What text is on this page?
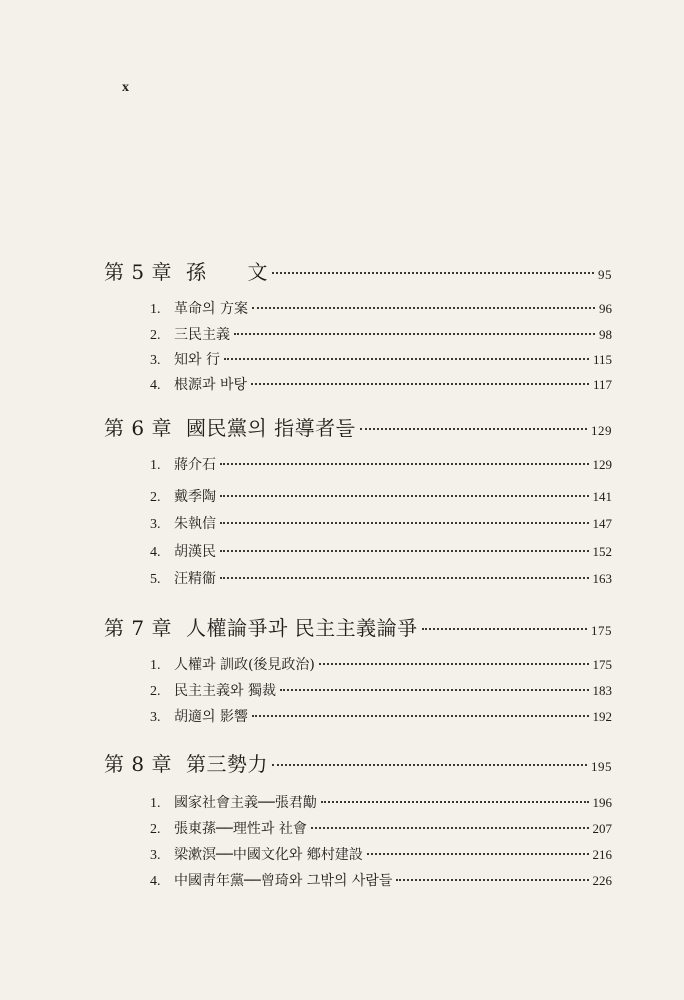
x
第 5 章 孫　　文	95
1. 革命의 方案	96
2. 三民主義	98
3. 知와 行	115
4. 根源과 바탕	117
第 6 章 國民黨의 指導者들	129
1. 蔣介石	129
2. 戴季陶	141
3. 朱執信	147
4. 胡漢民	152
5. 汪精衞	163
第 7 章 人權論爭과 民主主義論爭	175
1. 人權과 訓政(後見政治)	175
2. 民主主義와 獨裁	183
3. 胡適의 影響	192
第 8 章 第三勢力	195
1. 國家社會主義──張君勱	196
2. 張東蓀──理性과 社會	207
3. 梁漱溟──中國文化와 鄕村建設	216
4. 中國靑年黨──曾琦와 그밖의 사람들	226
